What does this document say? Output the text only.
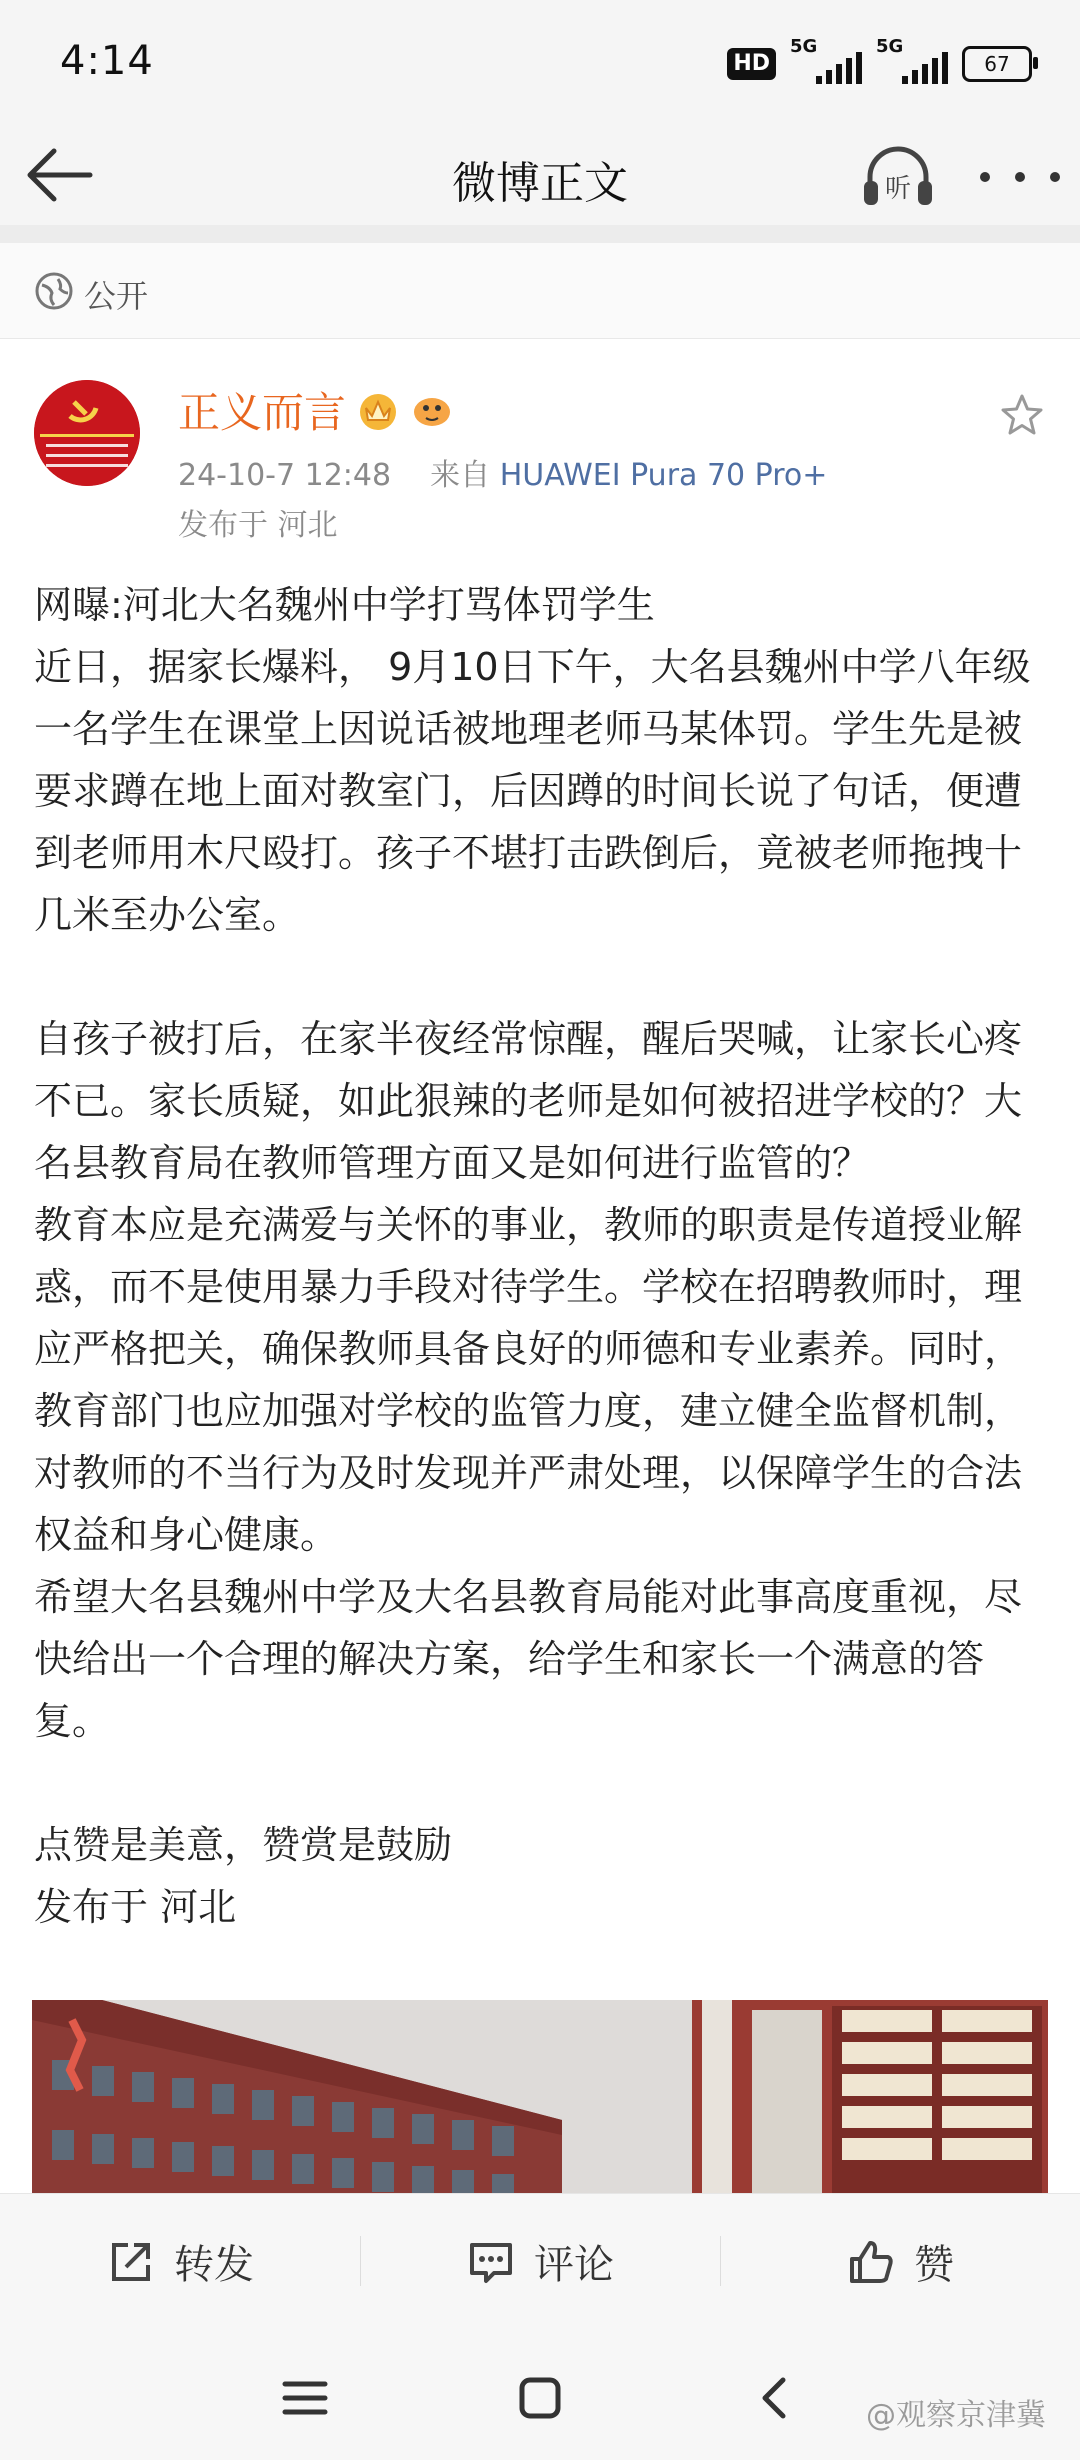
4:14	HD
5G	5G
67
微博正文	听
公开
正义而言
24-10-7 12:48 来自 HUAWEI Pura 70 Pro+
发布于 河北

网曝:河北大名魏州中学打骂体罚学生

近日，据家长爆料， 9月10日下午，大名县魏州中学八年级一名学生在课堂上因说话被地理老师马某体罚。学生先是被要求蹲在地上面对教室门，后因蹲的时间长说了句话，便遭到老师用木尺殴打。孩子不堪打击跌倒后，竟被老师拖拽十几米至办公室。

自孩子被打后，在家半夜经常惊醒，醒后哭喊，让家长心疼不已。家长质疑，如此狠辣的老师是如何被招进学校的？大名县教育局在教师管理方面又是如何进行监管的？

教育本应是充满爱与关怀的事业，教师的职责是传道授业解惑，而不是使用暴力手段对待学生。学校在招聘教师时，理应严格把关，确保教师具备良好的师德和专业素养。同时，教育部门也应加强对学校的监管力度，建立健全监督机制，对教师的不当行为及时发现并严肃处理，以保障学生的合法权益和身心健康。

希望大名县魏州中学及大名县教育局能对此事高度重视，尽快给出一个合理的解决方案，给学生和家长一个满意的答复。

点赞是美意，赞赏是鼓励

发布于 河北

转发	评论	赞
@观察京津冀
